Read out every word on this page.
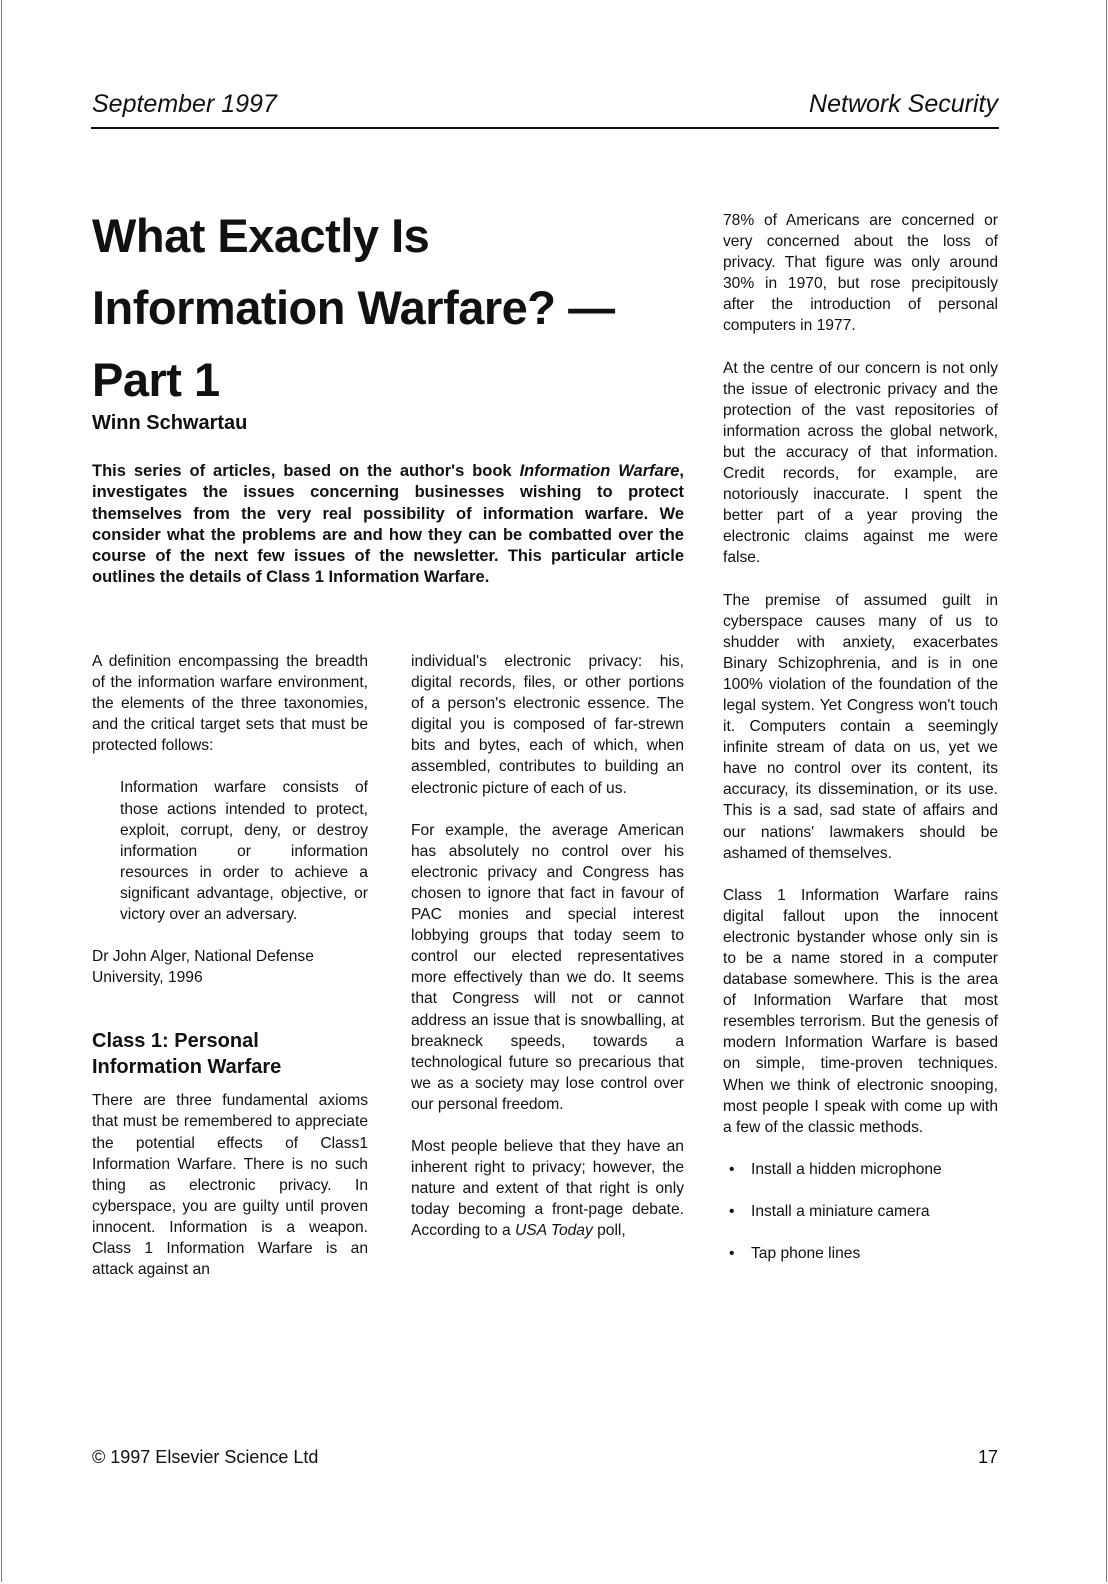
September 1997	Network Security
What Exactly Is Information Warfare? — Part 1
Winn Schwartau
This series of articles, based on the author's book Information Warfare, investigates the issues concerning businesses wishing to protect themselves from the very real possibility of information warfare. We consider what the problems are and how they can be combatted over the course of the next few issues of the newsletter. This particular article outlines the details of Class 1 Information Warfare.

A definition encompassing the breadth of the information warfare environment, the elements of the three taxonomies, and the critical target sets that must be protected follows:

Information warfare consists of those actions intended to protect, exploit, corrupt, deny, or destroy information or information resources in order to achieve a significant advantage, objective, or victory over an adversary.

Dr John Alger, National Defense University, 1996

Class 1: Personal Information Warfare

There are three fundamental axioms that must be remembered to appreciate the potential effects of Class1 Information Warfare. There is no such thing as electronic privacy. In cyberspace, you are guilty until proven innocent. Information is a weapon. Class 1 Information Warfare is an attack against an

individual's electronic privacy: his, digital records, files, or other portions of a person's electronic essence. The digital you is composed of far-strewn bits and bytes, each of which, when assembled, contributes to building an electronic picture of each of us.

For example, the average American has absolutely no control over his electronic privacy and Congress has chosen to ignore that fact in favour of PAC monies and special interest lobbying groups that today seem to control our elected representatives more effectively than we do. It seems that Congress will not or cannot address an issue that is snowballing, at breakneck speeds, towards a technological future so precarious that we as a society may lose control over our personal freedom.

Most people believe that they have an inherent right to privacy; however, the nature and extent of that right is only today becoming a front-page debate. According to a USA Today poll,

78% of Americans are concerned or very concerned about the loss of privacy. That figure was only around 30% in 1970, but rose precipitously after the introduction of personal computers in 1977.

At the centre of our concern is not only the issue of electronic privacy and the protection of the vast repositories of information across the global network, but the accuracy of that information. Credit records, for example, are notoriously inaccurate. I spent the better part of a year proving the electronic claims against me were false.

The premise of assumed guilt in cyberspace causes many of us to shudder with anxiety, exacerbates Binary Schizophrenia, and is in one 100% violation of the foundation of the legal system. Yet Congress won't touch it. Computers contain a seemingly infinite stream of data on us, yet we have no control over its content, its accuracy, its dissemination, or its use. This is a sad, sad state of affairs and our nations' lawmakers should be ashamed of themselves.

Class 1 Information Warfare rains digital fallout upon the innocent electronic bystander whose only sin is to be a name stored in a computer database somewhere. This is the area of Information Warfare that most resembles terrorism. But the genesis of modern Information Warfare is based on simple, time-proven techniques. When we think of electronic snooping, most people I speak with come up with a few of the classic methods.

• Install a hidden microphone
• Install a miniature camera
• Tap phone lines
© 1997 Elsevier Science Ltd	17
